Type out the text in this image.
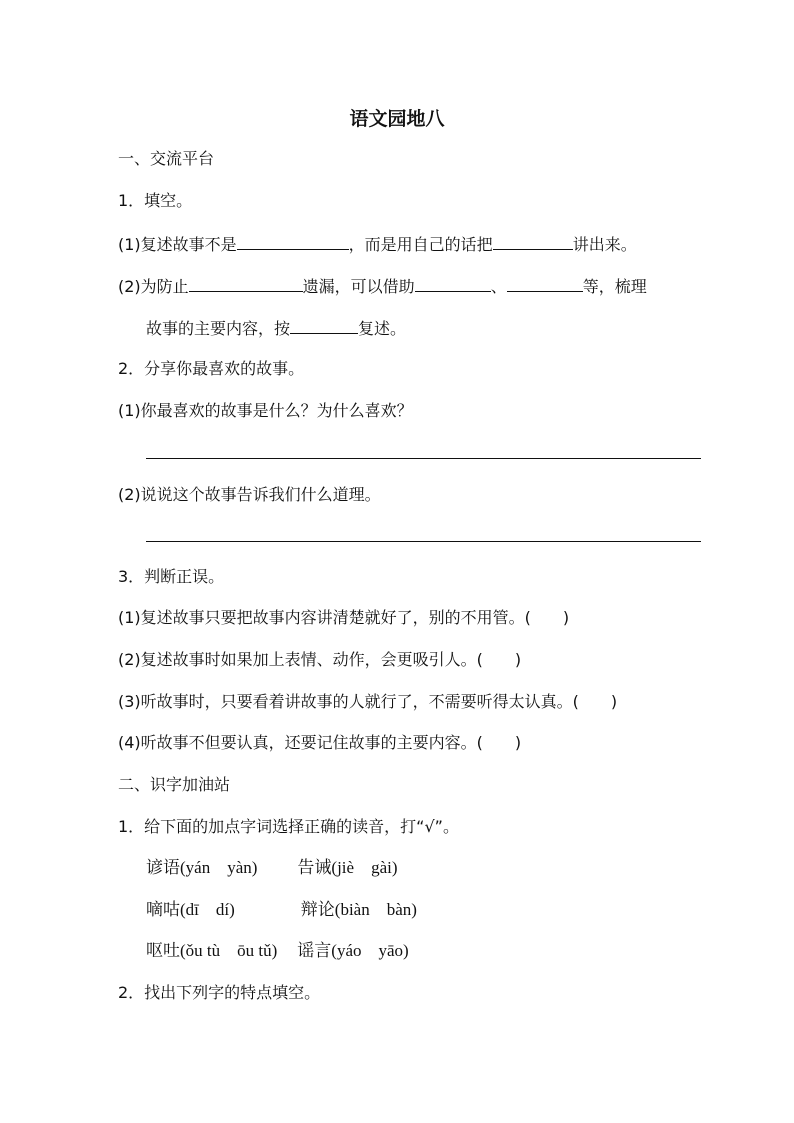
语文园地八
一、交流平台
1．填空。
(1)复述故事不是	，而是用自己的话把	讲出来。
(2)为防止	遗漏，可以借助	、	等，梳理
故事的主要内容，按	复述。
2．分享你最喜欢的故事。
(1)你最喜欢的故事是什么？为什么喜欢？
(2)说说这个故事告诉我们什么道理。
3．判断正误。
(1)复述故事只要把故事内容讲清楚就好了，别的不用管。(　　)
(2)复述故事时如果加上表情、动作，会更吸引人。(　　)
(3)听故事时，只要看着讲故事的人就行了，不需要听得太认真。(　　)
(4)听故事不但要认真，还要记住故事的主要内容。(　　)
二、识字加油站
1．给下面的加点字词选择正确的读音，打“√”。
谚语(yán　yàn) 告诫(jiè　gài)
嘀咕(dī　dí)	辩论(biàn　bàn)
呕吐(ǒu tù　ōu tǔ) 谣言(yáo　yāo)
2．找出下列字的特点填空。
